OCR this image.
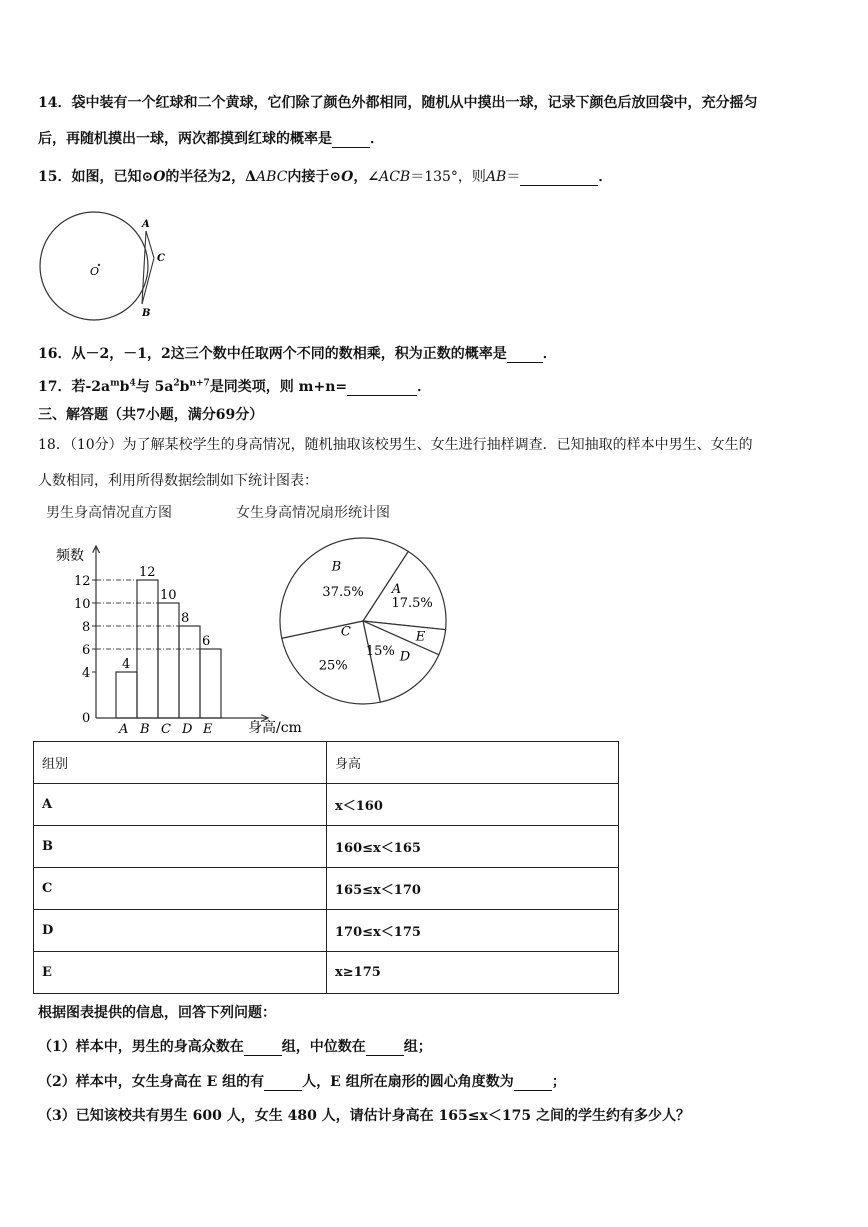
14．袋中装有一个红球和二个黄球，它们除了颜色外都相同，随机从中摸出一球，记录下颜色后放回袋中，充分摇匀
后，再随机摸出一球，两次都摸到红球的概率是	．
15．如图，已知⊙O的半径为2，ΔABC内接于⊙O，∠ACB＝135°，则AB＝	．
O
A
C
B
16．从－2，－1，2这三个数中任取两个不同的数相乘，积为正数的概率是	．
17．若$-2a^mb^4$与 $5a^2b^{n+7}$是同类项，则 m+n=	．
三、解答题（共7小题，满分69分）
18．（10分）为了解某校学生的身高情况，随机抽取该校男生、女生进行抽样调查．已知抽取的样本中男生、女生的
人数相同，利用所得数据绘制如下统计图表：
男生身高情况直方图	女生身高情况扇形统计图
频数
身高/cm
0
4
6
8
10
12
A B C D E
4
12
10
8
6
A
17.5%
E
D
15%
C
25%
B
37.5%
组别	身高
A	x＜160
B	160≤x＜165
C	165≤x＜170
D	170≤x＜175
E	x≥175
根据图表提供的信息，回答下列问题：
（1）样本中，男生的身高众数在	组，中位数在	组；
（2）样本中，女生身高在 E 组的有	人，E 组所在扇形的圆心角度数为	；
（3）已知该校共有男生 600 人，女生 480 人，请估计身高在 165≤x＜175 之间的学生约有多少人？
